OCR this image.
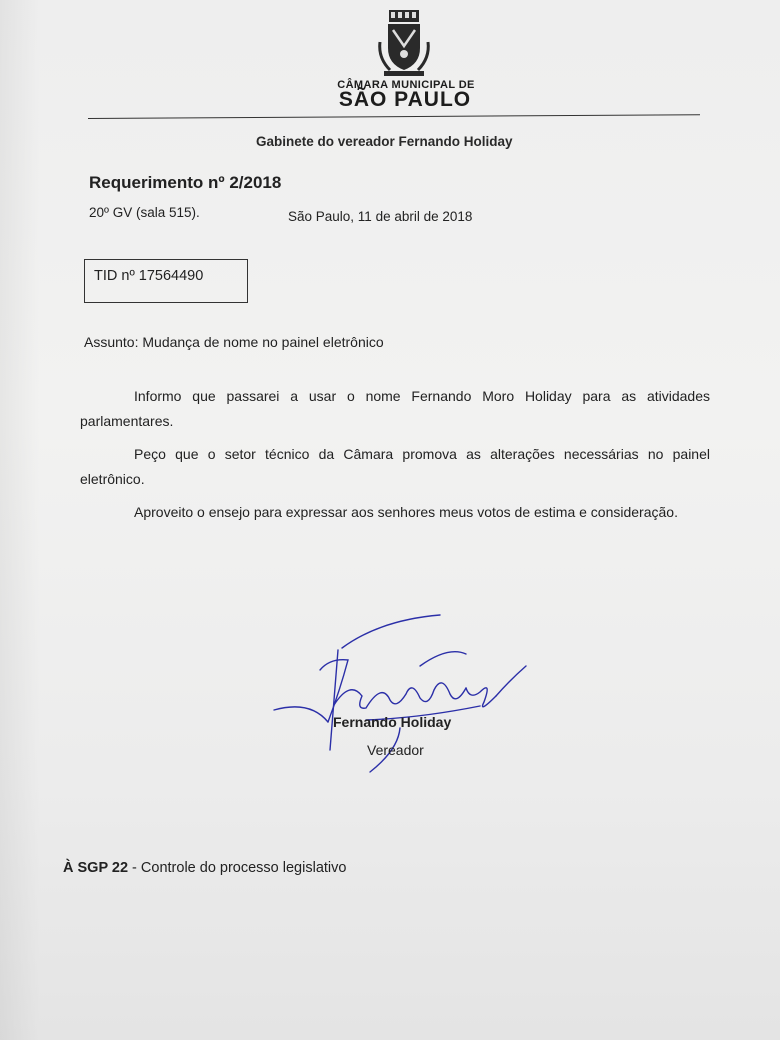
CÂMARA MUNICIPAL DE
SÃO PAULO
Gabinete do vereador Fernando Holiday
Requerimento nº 2/2018
20º GV (sala 515).	São Paulo, 11 de abril de 2018
TID nº 17564490
Assunto: Mudança de nome no painel eletrônico

Informo que passarei a usar o nome Fernando Moro Holiday para as atividades parlamentares.

Peço que o setor técnico da Câmara promova as alterações necessárias no painel eletrônico.

Aproveito o ensejo para expressar aos senhores meus votos de estima e consideração.

Fernando Holiday
Vereador
À SGP 22 - Controle do processo legislativo
